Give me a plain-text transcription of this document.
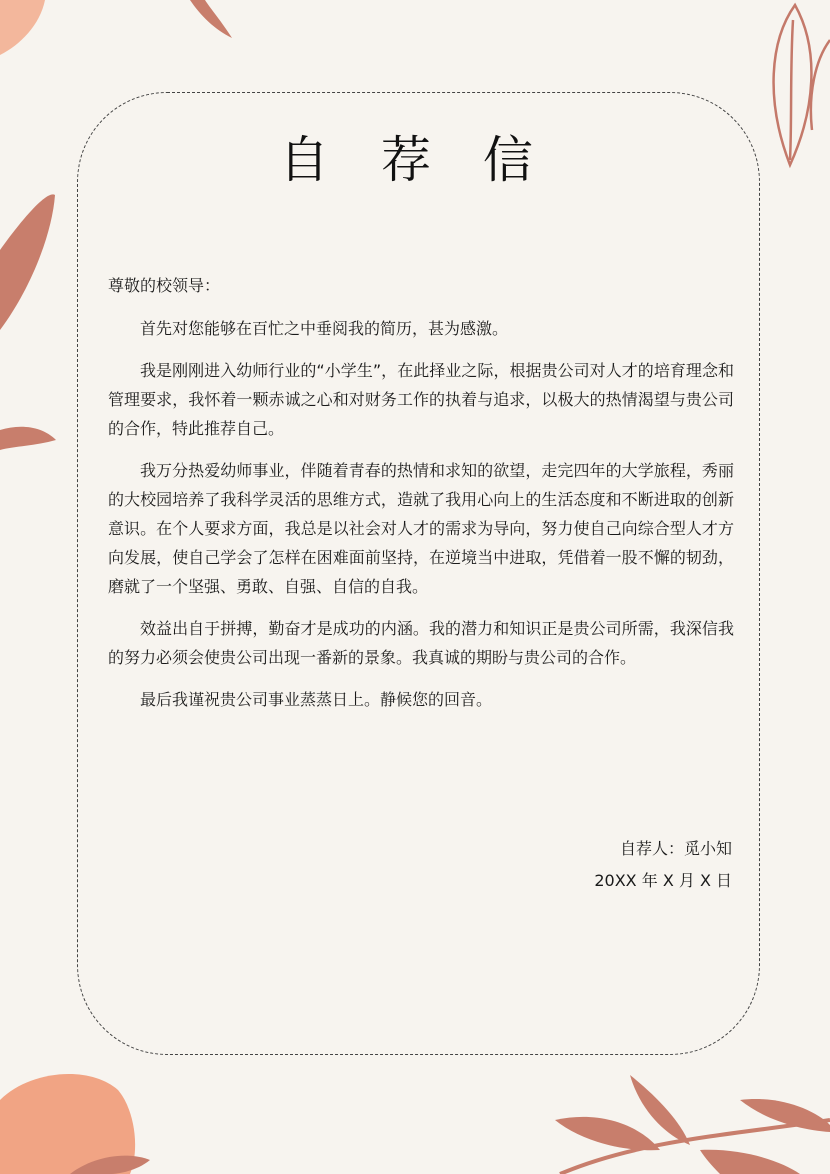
自 荐 信

尊敬的校领导：

首先对您能够在百忙之中垂阅我的简历，甚为感激。

我是刚刚进入幼师行业的“小学生”，在此择业之际，根据贵公司对人才的培育理念和管理要求，我怀着一颗赤诚之心和对财务工作的执着与追求，以极大的热情渴望与贵公司的合作，特此推荐自己。

我万分热爱幼师事业，伴随着青春的热情和求知的欲望，走完四年的大学旅程，秀丽的大校园培养了我科学灵活的思维方式，造就了我用心向上的生活态度和不断进取的创新意识。在个人要求方面，我总是以社会对人才的需求为导向，努力使自己向综合型人才方向发展，使自己学会了怎样在困难面前坚持，在逆境当中进取，凭借着一股不懈的韧劲，磨就了一个坚强、勇敢、自强、自信的自我。

效益出自于拼搏，勤奋才是成功的内涵。我的潜力和知识正是贵公司所需，我深信我的努力必须会使贵公司出现一番新的景象。我真诚的期盼与贵公司的合作。

最后我谨祝贵公司事业蒸蒸日上。静候您的回音。

自荐人：觅小知
20XX 年 X 月 X 日
